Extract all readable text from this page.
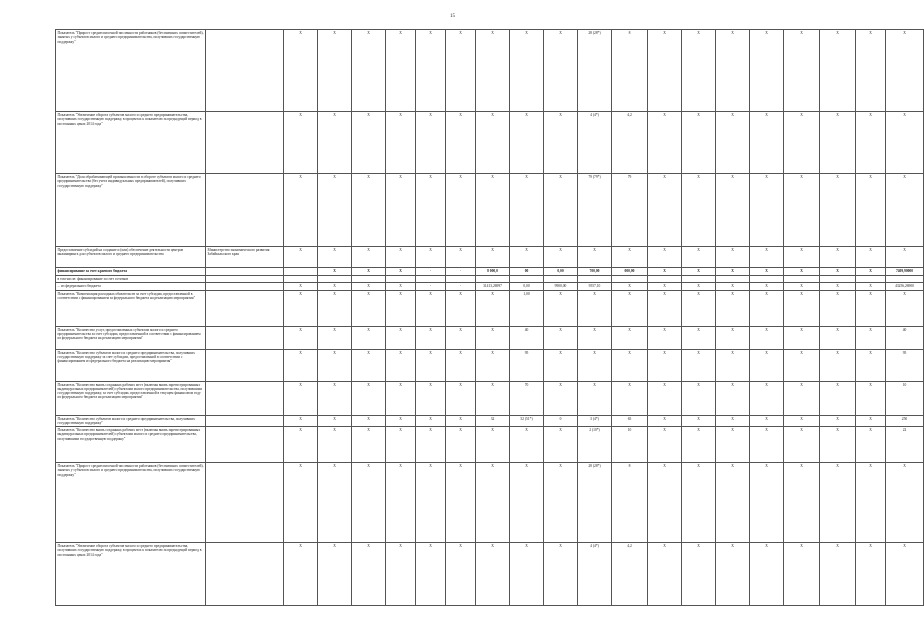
15
Показатель "Прирост среднесписочной численности работников (без внешних совместителей), занятых у субъектов малого и среднего предпринимательства, получивших государственную поддержку"		Х	Х	Х	Х	Х	Х	Х	Х	Х	28 (28*)	8	Х	Х	Х	Х	Х	Х	Х	Х
Показатель "Увеличение оборота субъектов малого и среднего предпринимательства, получивших государственную поддержку, в процентах к показателю за предыдущий период в постоянных ценах 2014 года"		Х	Х	Х	Х	Х	Х	Х	Х	Х	4 (4*)	4,2	Х	Х	Х	Х	Х	Х	Х	Х
Показатель "Доля обрабатывающей промышленности в обороте субъектов малого и среднего предпринимательства (без учета индивидуальных предпринимателей), получивших государственную поддержку"		Х	Х	Х	Х	Х	Х	Х	Х	Х	79 (79*)	79	Х	Х	Х	Х	Х	Х	Х	Х
Предоставление субсидий на создание и (или) обеспечение деятельности центров инжиниринга для субъектов малого и среднего предпринимательства	Министерство экономического развития Забайкальского края	Х	Х	Х	Х	Х	Х	Х	Х	Х	Х	Х	Х	Х	Х	Х	Х	Х	Х	Х
финансирование за счет краевого бюджета			Х	Х	Х	-	-	8 000,0	00	0,00	700,00	000,00	Х	Х	Х	Х	Х	Х	Х	7409,90000
в том числе: финансирование за счет остатков																				
... из федерального бюджета		Х	Х	Х	Х	-	-	31413,26997	0,00	9900,00	9557,10	Х	Х	Х	Х	Х	Х	Х	Х	43256,26900
Показатель "Компенсация расходных обязательств за счет субсидии, предоставленной в соответствии с финансированием за федерального бюджета на реализацию мероприятия"		Х	Х	Х	Х	Х	Х	Х	1,00	Х	Х	Х	Х	Х	Х	Х	Х	Х	Х	Х
Показатель "Количество услуг, предоставленных субъектам малого и среднего предпринимательства за счет субсидии, предоставленной в соответствии с финансированием из федерального бюджета на реализацию мероприятия"		Х	Х	Х	Х	Х	Х	Х	40	Х	Х	Х	Х	Х	Х	Х	Х	Х	Х	40
Показатель "Количество субъектов малого и среднего предпринимательства, получивших государственную поддержку за счет субсидии, предоставленной в соответствии с финансированием из федерального бюджета на реализацию мероприятия"		Х	Х	Х	Х	Х	Х	Х	95	Х	Х	Х	Х	Х	Х	Х	Х	Х	Х	95
Показатель "Количество вновь созданных рабочих мест (включая вновь зарегистрированных индивидуальных предпринимателей) субъектами малого предпринимательства, получившими государственную поддержку, за счет субсидии, предоставленной в текущем финансовом году из федерального бюджета на реализацию мероприятия"		Х	Х	Х	Х	Х	Х	Х	70	Х	Х	Х	Х	Х	Х	Х	Х	Х	Х	10
Показатель "Количество субъектов малого и среднего предпринимательства, получивших государственную поддержку"		Х	Х	Х	Х	Х	Х	32	52 (51*)	0	3 (4*)	65	Х	Х	Х	Х	Х	Х	Х	250
Показатель "Количество вновь созданных рабочих мест (включая вновь зарегистрированных индивидуальных предпринимателей) субъектами малого и среднего предпринимательства, получившими государственную поддержку"		Х	Х	Х	Х	Х	Х	Х	Х	Х	2 (10*)	10	Х	Х	Х	Х	Х	Х	Х	22
Показатель "Прирост среднесписочной численности работников (без внешних совместителей), занятых у субъектов малого и среднего предпринимательства, получивших государственную поддержку"		Х	Х	Х	Х	Х	Х	Х	Х	Х	28 (28*)	8	Х	Х	Х	Х	Х	Х	Х	Х
Показатель "Увеличение оборота субъектов малого и среднего предпринимательства, получивших государственную поддержку, в процентах к показателю за предыдущий период в постоянных ценах 2014 года"		Х	Х	Х	Х	Х	Х	Х	Х	Х	4 (4*)	4,2	Х	Х	Х	Х	Х	Х	Х	Х
